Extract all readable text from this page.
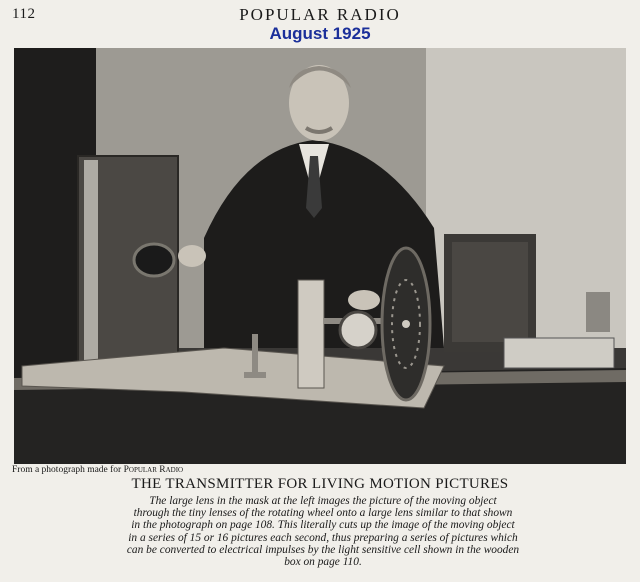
112	POPULAR RADIO
August 1925
From a photograph made for Popular Radio
THE TRANSMITTER FOR LIVING MOTION PICTURES
The large lens in the mask at the left images the picture of the moving object
through the tiny lenses of the rotating wheel onto a large lens similar to that shown
in the photograph on page 108. This literally cuts up the image of the moving object
in a series of 15 or 16 pictures each second, thus preparing a series of pictures which
can be converted to electrical impulses by the light sensitive cell shown in the wooden
box on page 110.
